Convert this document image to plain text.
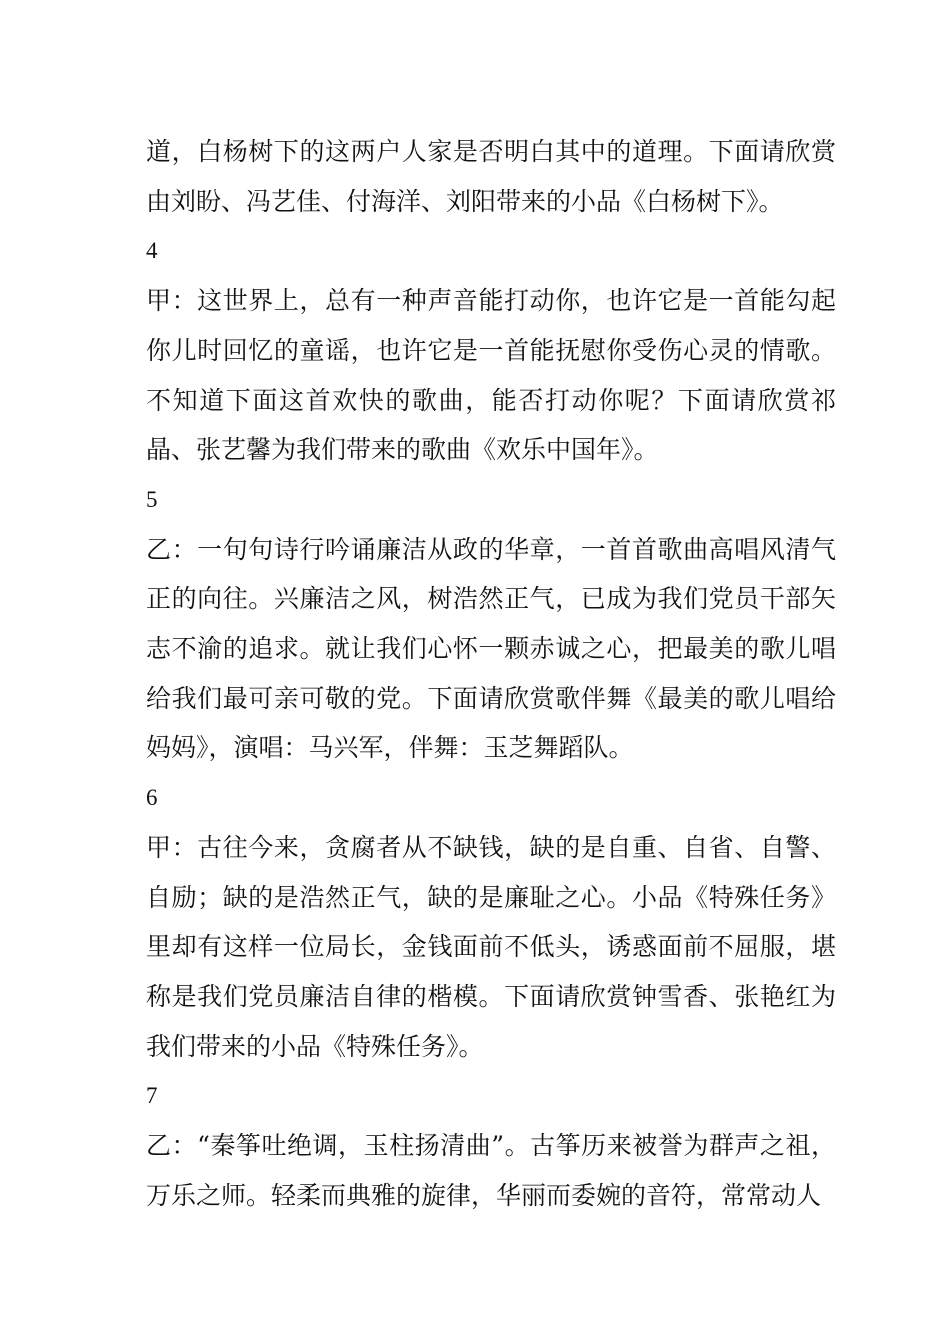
道，白杨树下的这两户人家是否明白其中的道理。下面请欣赏由刘盼、冯艺佳、付海洋、刘阳带来的小品《白杨树下》。

4

甲：这世界上，总有一种声音能打动你，也许它是一首能勾起你儿时回忆的童谣，也许它是一首能抚慰你受伤心灵的情歌。不知道下面这首欢快的歌曲，能否打动你呢？下面请欣赏祁晶、张艺馨为我们带来的歌曲《欢乐中国年》。

5

乙：一句句诗行吟诵廉洁从政的华章，一首首歌曲高唱风清气正的向往。兴廉洁之风，树浩然正气，已成为我们党员干部矢志不渝的追求。就让我们心怀一颗赤诚之心，把最美的歌儿唱给我们最可亲可敬的党。下面请欣赏歌伴舞《最美的歌儿唱给妈妈》，演唱：马兴军，伴舞：玉芝舞蹈队。

6

甲：古往今来，贪腐者从不缺钱，缺的是自重、自省、自警、自励；缺的是浩然正气，缺的是廉耻之心。小品《特殊任务》里却有这样一位局长，金钱面前不低头，诱惑面前不屈服，堪称是我们党员廉洁自律的楷模。下面请欣赏钟雪香、张艳红为我们带来的小品《特殊任务》。

7

乙：“秦筝吐绝调，玉柱扬清曲”。古筝历来被誉为群声之祖，万乐之师。轻柔而典雅的旋律，华丽而委婉的音符，常常动人
